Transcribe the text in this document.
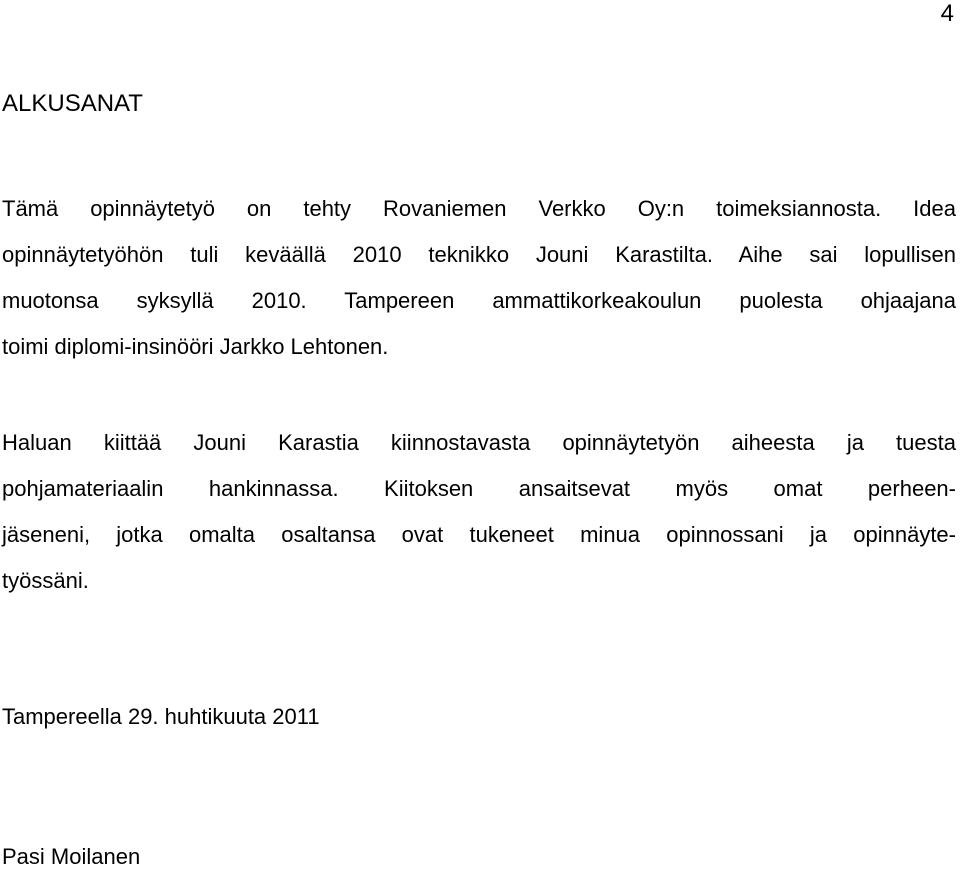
4
ALKUSANAT

Tämä opinnäytetyö on tehty Rovaniemen Verkko Oy:n toimeksiannosta. Idea
opinnäytetyöhön tuli keväällä 2010 teknikko Jouni Karastilta. Aihe sai lopullisen
muotonsa syksyllä 2010. Tampereen ammattikorkeakoulun puolesta ohjaajana
toimi diplomi-insinööri Jarkko Lehtonen.

Haluan kiittää Jouni Karastia kiinnostavasta opinnäytetyön aiheesta ja tuesta
pohjamateriaalin hankinnassa. Kiitoksen ansaitsevat myös omat perheen-
jäseneni, jotka omalta osaltansa ovat tukeneet minua opinnossani ja opinnäyte-
työssäni.

Tampereella 29. huhtikuuta 2011

Pasi Moilanen
